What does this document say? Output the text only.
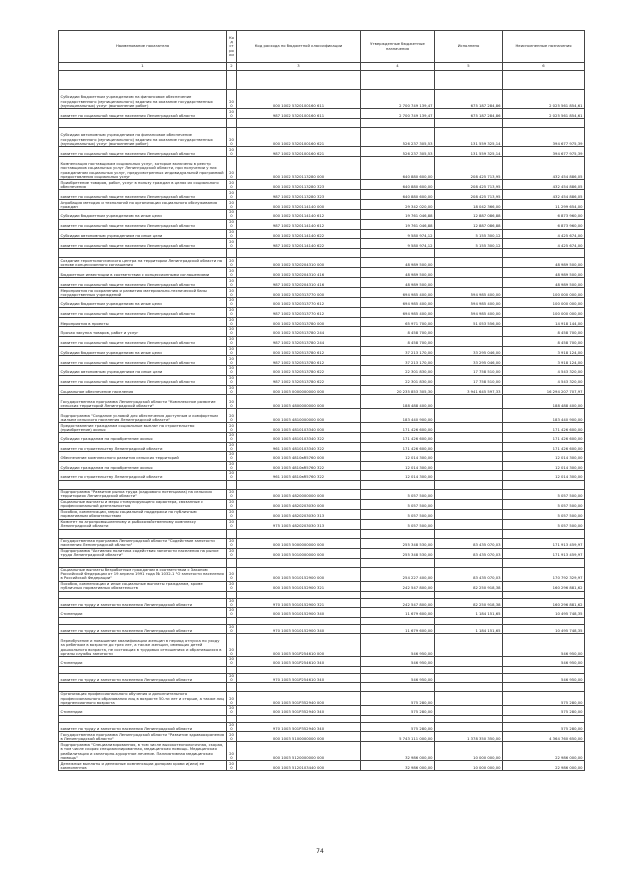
Наименование показателя	Код стро ки	Код расхода по бюджетной классификации	Утвержденные бюджетные назначения	Исполнено	Неисполненные назначения
1	2	3	4	5	6

Субсидии бюджетным учреждениям на финансовое обеспечение государственного (муниципального) задания на оказание государственных (муниципальных) услуг (выполнение работ)	200	000 1002 5320100160 611	2 700 749 139,47	675 187 284,86	2 025 561 854,61
комитет по социальной защите населения Ленинградской области	200	987 1002 5320100160 611	2 700 749 139,47	675 187 284,86	2 025 561 854,61

Субсидии автономным учреждениям на финансовое обеспечение государственного (муниципального) задания на оказание государственных (муниципальных) услуг (выполнение работ)	200	000 1002 5320100160 621	526 237 305,53	131 559 325,14	394 677 975,39
комитет по социальной защите населения Ленинградской области	200	987 1002 5320100160 621	526 237 305,53	131 559 325,14	394 677 975,39
Компенсация поставщикам социальных услуг, которые включены в реестр поставщиков социальных услуг Ленинградской области, при получении у них гражданином социальных услуг, предусмотренных индивидуальной программой предоставления социальных услуг	200	000 1002 5320113280 000	640 880 600,00	208 425 713,95	432 454 886,05
Приобретение товаров, работ, услуг в пользу граждан в целях их социального обеспечения	200	000 1002 5320113280 323	640 880 600,00	208 425 713,95	432 454 886,05
комитет по социальной защите населения Ленинградской области	200	987 1002 5320113280 323	640 880 600,00	208 425 713,95	432 454 886,05
Апробация методик и технологий по организации социального обслуживания граждан	200	000 1002 5320114140 000	29 342 020,00	18 042 366,00	11 299 654,00
Субсидии бюджетным учреждениям на иные цели	200	000 1002 5320114140 612	19 761 046,88	12 887 086,88	6 873 960,00
комитет по социальной защите населения Ленинградской области	200	987 1002 5320114140 612	19 761 046,88	12 887 086,88	6 873 960,00
Субсидии автономным учреждениям на иные цели	200	000 1002 5320114140 622	9 580 974,12	5 155 300,12	4 425 674,00
комитет по социальной защите населения Ленинградской области	200	987 1002 5320114140 622	9 580 974,12	5 155 300,12	4 425 674,00

Создание геронтологического центра на территории Ленинградской области на основе концессионного соглашения	200	000 1002 5320204310 000	48 989 500,00		48 989 500,00
Бюджетные инвестиции в соответствии с концессионными соглашениями	200	000 1002 5320204310 416	48 989 500,00		48 989 500,00
комитет по социальной защите населения Ленинградской области	200	987 1002 5320204310 416	48 989 500,00		48 989 500,00
Мероприятия по сохранению и развитию материально-технической базы государственных учреждений	200	000 1002 5320313770 000	694 985 400,00	594 985 400,00	100 000 000,00
Субсидии бюджетным учреждениям на иные цели	200	000 1002 5320313770 612	694 985 400,00	594 985 400,00	100 000 000,00
комитет по социальной защите населения Ленинградской области	200	987 1002 5320313770 612	694 985 400,00	594 985 400,00	100 000 000,00
Мероприятия в проекты	200	000 1002 5320313780 000	65 971 700,00	51 053 556,00	14 918 144,00
Прочая закупка товаров, работ и услуг	200	000 1002 5320513780 244	8 458 700,00		8 458 700,00
комитет по социальной защите населения Ленинградской области	200	987 1002 5320513780 244	8 458 700,00		8 458 700,00
Субсидии бюджетным учреждениям на иные цели	200	000 1002 5320513780 612	37 213 170,00	33 295 046,00	3 918 124,00
комитет по социальной защите населения Ленинградской области	200	987 1002 5320513780 612	37 213 170,00	33 295 046,00	3 918 124,00
Субсидии автономным учреждениям на иные цели	200	000 1002 5320513780 622	22 301 830,00	17 758 510,00	4 543 320,00
комитет по социальной защите населения Ленинградской области	200	987 1002 5320513780 622	22 301 830,00	17 758 510,00	4 543 320,00
Социальное обеспечение населения	200	000 1003 0000000000 000	20 235 853 305,30	3 941 645 597,33	16 294 207 707,97
Государственная программа Ленинградской области "Комплексное развитие сельских территорий Ленинградской области"	200	000 1003 4800000000 000	188 488 400,00		188 488 400,00
Подпрограмма "Создание условий для обеспечения доступным и комфортным жильем сельского населения Ленинградской области"	200	000 1003 4810000000 000	183 440 900,00		183 440 900,00
Предоставление гражданам социальные выплат на строительство (приобретение) жилья	200	000 1003 4810103340 000	171 426 600,00		171 426 600,00
Субсидии гражданам на приобретение жилья	200	000 1003 4810103340 322	171 426 600,00		171 426 600,00
комитет по строительству Ленинградской области	200	961 1003 4810103340 322	171 426 600,00		171 426 600,00
Обеспечение комплексного развития сельских территорий	200	000 1003 4810вR5760 000	12 014 300,00		12 014 300,00
Субсидии гражданам на приобретение жилья	200	000 1003 4810вR5760 322	12 014 300,00		12 014 300,00
комитет по строительству Ленинградской области	200	961 1003 4810вR5760 322	12 014 300,00		12 014 300,00

Подпрограмма "Развитие рынка труда (кадрового потенциала) на сельских территориях Ленинградской области"	200	000 1003 4820000000 000	5 057 500,00		5 057 500,00
Социальные выплаты и меры стимулирующего характера, связанные с профессиональной деятельностью	200	000 1003 4820203030 000	5 057 500,00		5 057 500,00
Пособия, компенсации, меры социальной поддержки по публичным нормативным обязательствам	200	000 1003 4820203030 313	5 057 500,00		5 057 500,00
Комитет по агропромышленному и рыбохозяйственному комплексу Ленинградской области	200	975 1003 4820203030 313	5 057 500,00		5 057 500,00

Государственная программа Ленинградской области "Содействие занятости населения Ленинградской области"	200	000 1003 5000000000 000	255 348 530,00	83 435 070,03	171 913 459,97
Подпрограмма "Активная политика содействия занятости населения на рынке труда Ленинградской области"	200	000 1003 5010000000 000	255 348 530,00	83 435 070,03	171 913 459,97

Социальные выплаты безработным гражданам в соответствии с Законом Российской Федерации от 19 апреля 1991 года № 1032-1 "О занятости населения в Российской Федерации"	200	000 1003 5010152900 000	254 227 400,00	83 435 070,03	170 792 329,97
Пособия, компенсации и иные социальные выплаты гражданам, кроме публичных нормативных обязательств	200	000 1003 5010152900 321	242 547 800,00	82 250 918,38	160 296 881,62

комитет по труду и занятости населения Ленинградской области	200	970 1003 5010152900 321	242 547 800,00	82 250 918,38	160 296 881,62
Стипендии	200	000 1003 5010152900 340	11 679 600,00	1 184 151,65	10 495 748,35

комитет по труду и занятости населения Ленинградской области	200	970 1003 5010152900 340	11 679 600,00	1 184 151,65	10 495 748,35
Переобучение и повышение квалификации женщин в период отпуска по уходу за ребенком в возрасте до трех лет, а также женщин, имеющих детей дошкольного возраста, не состоящих в трудовых отношениях и обратившихся в органы службы занятости	200	000 1003 501P254610 000	546 950,00		546 950,00
Стипендии	200	000 1003 501P254610 340	546 950,00		546 950,00

комитет по труду и занятости населения Ленинградской области	200	970 1003 501P254610 340	546 950,00		546 950,00

Организация профессионального обучения и дополнительного профессионального образования лиц в возрасте 50-ти лет и старше, а также лиц предпенсионного возраста	200	000 1003 501P352940 000	575 280,00		575 280,00
Стипендии	200	000 1003 501P352940 340	575 280,00		575 280,00

комитет по труду и занятости населения Ленинградской области	200	970 1003 501P352940 340	575 280,00		575 280,00
Государственная программа Ленинградской области "Развитие здравоохранения в Ленинградской области"	200	000 1003 5100000000 000	5 743 111 000,00	1 378 350 350,00	4 364 760 650,00
Подпрограмма "Специализированная, в том числе высокотехнологичная, скорая, в том числе скорая специализированная, медицинская помощь. Медицинская реабилитация и санаторно-курортное лечение. Паллиативная медицинская помощь"	200	000 1003 5120000000 000	32 986 000,00	10 000 000,00	22 986 000,00
Денежные выплаты и денежные компенсации донорам крови и(или) ее компонентов	200	000 1003 5120103440 000	32 986 000,00	10 000 000,00	22 986 000,00
74
